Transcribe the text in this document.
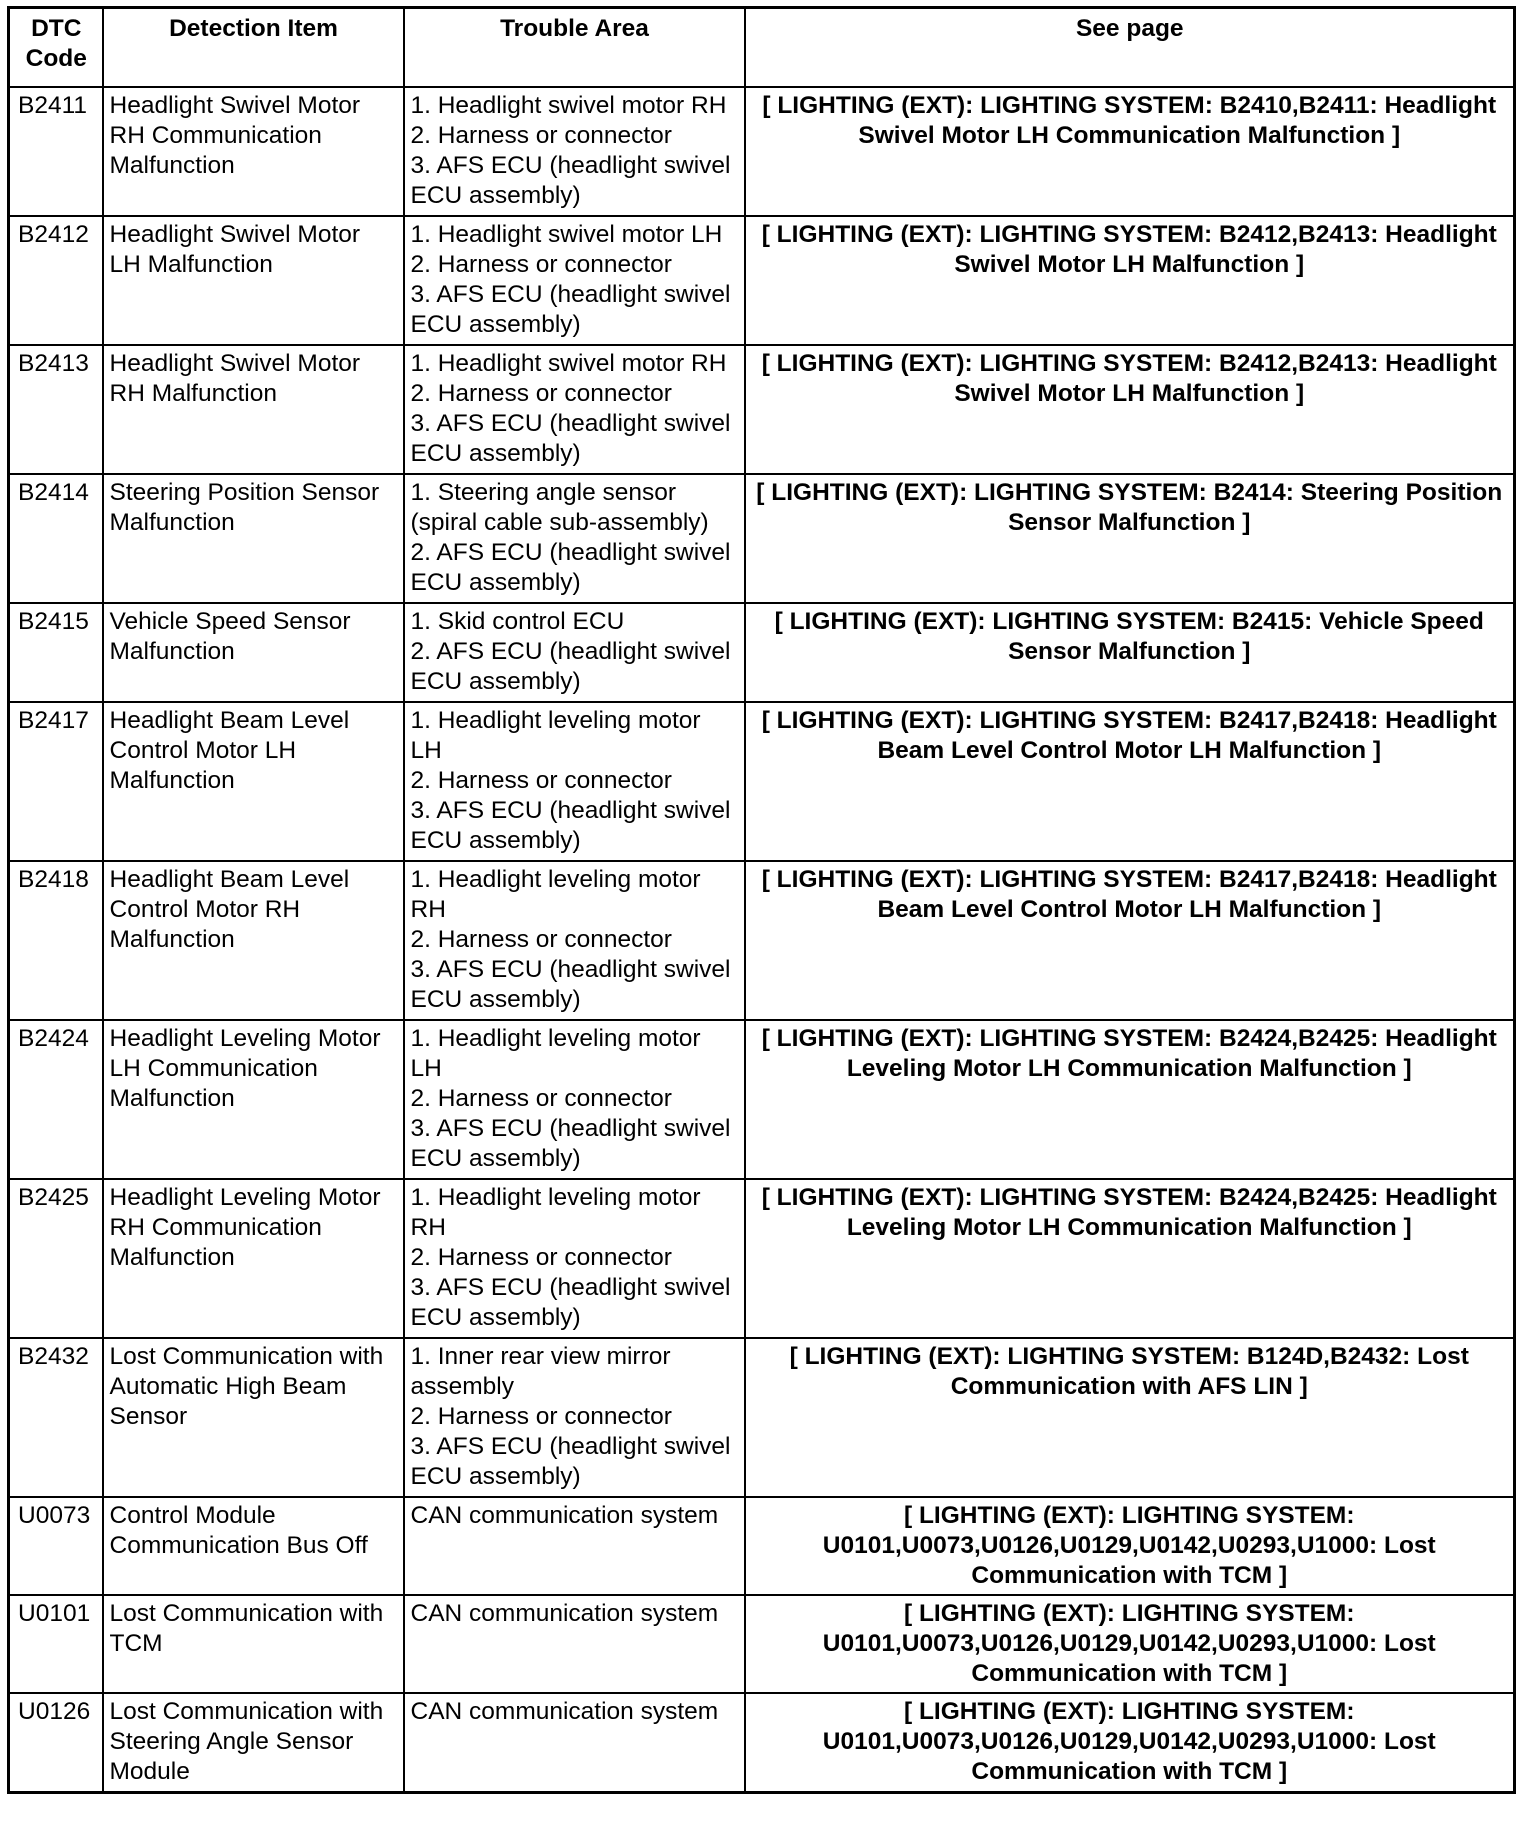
DTC Code	Detection Item	Trouble Area	See page
B2411	Headlight Swivel Motor RH Communication Malfunction	1. Headlight swivel motor RH
2. Harness or connector
3. AFS ECU (headlight swivel ECU assembly)	[ LIGHTING (EXT): LIGHTING SYSTEM: B2410,B2411: Headlight Swivel Motor LH Communication Malfunction ]
B2412	Headlight Swivel Motor LH Malfunction	1. Headlight swivel motor LH
2. Harness or connector
3. AFS ECU (headlight swivel ECU assembly)	[ LIGHTING (EXT): LIGHTING SYSTEM: B2412,B2413: Headlight Swivel Motor LH Malfunction ]
B2413	Headlight Swivel Motor RH Malfunction	1. Headlight swivel motor RH
2. Harness or connector
3. AFS ECU (headlight swivel ECU assembly)	[ LIGHTING (EXT): LIGHTING SYSTEM: B2412,B2413: Headlight Swivel Motor LH Malfunction ]
B2414	Steering Position Sensor Malfunction	1. Steering angle sensor (spiral cable sub-assembly)
2. AFS ECU (headlight swivel ECU assembly)	[ LIGHTING (EXT): LIGHTING SYSTEM: B2414: Steering Position Sensor Malfunction ]
B2415	Vehicle Speed Sensor Malfunction	1. Skid control ECU
2. AFS ECU (headlight swivel ECU assembly)	[ LIGHTING (EXT): LIGHTING SYSTEM: B2415: Vehicle Speed Sensor Malfunction ]
B2417	Headlight Beam Level Control Motor LH Malfunction	1. Headlight leveling motor LH
2. Harness or connector
3. AFS ECU (headlight swivel ECU assembly)	[ LIGHTING (EXT): LIGHTING SYSTEM: B2417,B2418: Headlight Beam Level Control Motor LH Malfunction ]
B2418	Headlight Beam Level Control Motor RH Malfunction	1. Headlight leveling motor RH
2. Harness or connector
3. AFS ECU (headlight swivel ECU assembly)	[ LIGHTING (EXT): LIGHTING SYSTEM: B2417,B2418: Headlight Beam Level Control Motor LH Malfunction ]
B2424	Headlight Leveling Motor LH Communication Malfunction	1. Headlight leveling motor LH
2. Harness or connector
3. AFS ECU (headlight swivel ECU assembly)	[ LIGHTING (EXT): LIGHTING SYSTEM: B2424,B2425: Headlight Leveling Motor LH Communication Malfunction ]
B2425	Headlight Leveling Motor RH Communication Malfunction	1. Headlight leveling motor RH
2. Harness or connector
3. AFS ECU (headlight swivel ECU assembly)	[ LIGHTING (EXT): LIGHTING SYSTEM: B2424,B2425: Headlight Leveling Motor LH Communication Malfunction ]
B2432	Lost Communication with Automatic High Beam Sensor	1. Inner rear view mirror assembly
2. Harness or connector
3. AFS ECU (headlight swivel ECU assembly)	[ LIGHTING (EXT): LIGHTING SYSTEM: B124D,B2432: Lost Communication with AFS LIN ]
U0073	Control Module Communication Bus Off	CAN communication system	[ LIGHTING (EXT): LIGHTING SYSTEM: U0101,U0073,U0126,U0129,U0142,U0293,U1000: Lost Communication with TCM ]
U0101	Lost Communication with TCM	CAN communication system	[ LIGHTING (EXT): LIGHTING SYSTEM: U0101,U0073,U0126,U0129,U0142,U0293,U1000: Lost Communication with TCM ]
U0126	Lost Communication with Steering Angle Sensor Module	CAN communication system	[ LIGHTING (EXT): LIGHTING SYSTEM: U0101,U0073,U0126,U0129,U0142,U0293,U1000: Lost Communication with TCM ]
